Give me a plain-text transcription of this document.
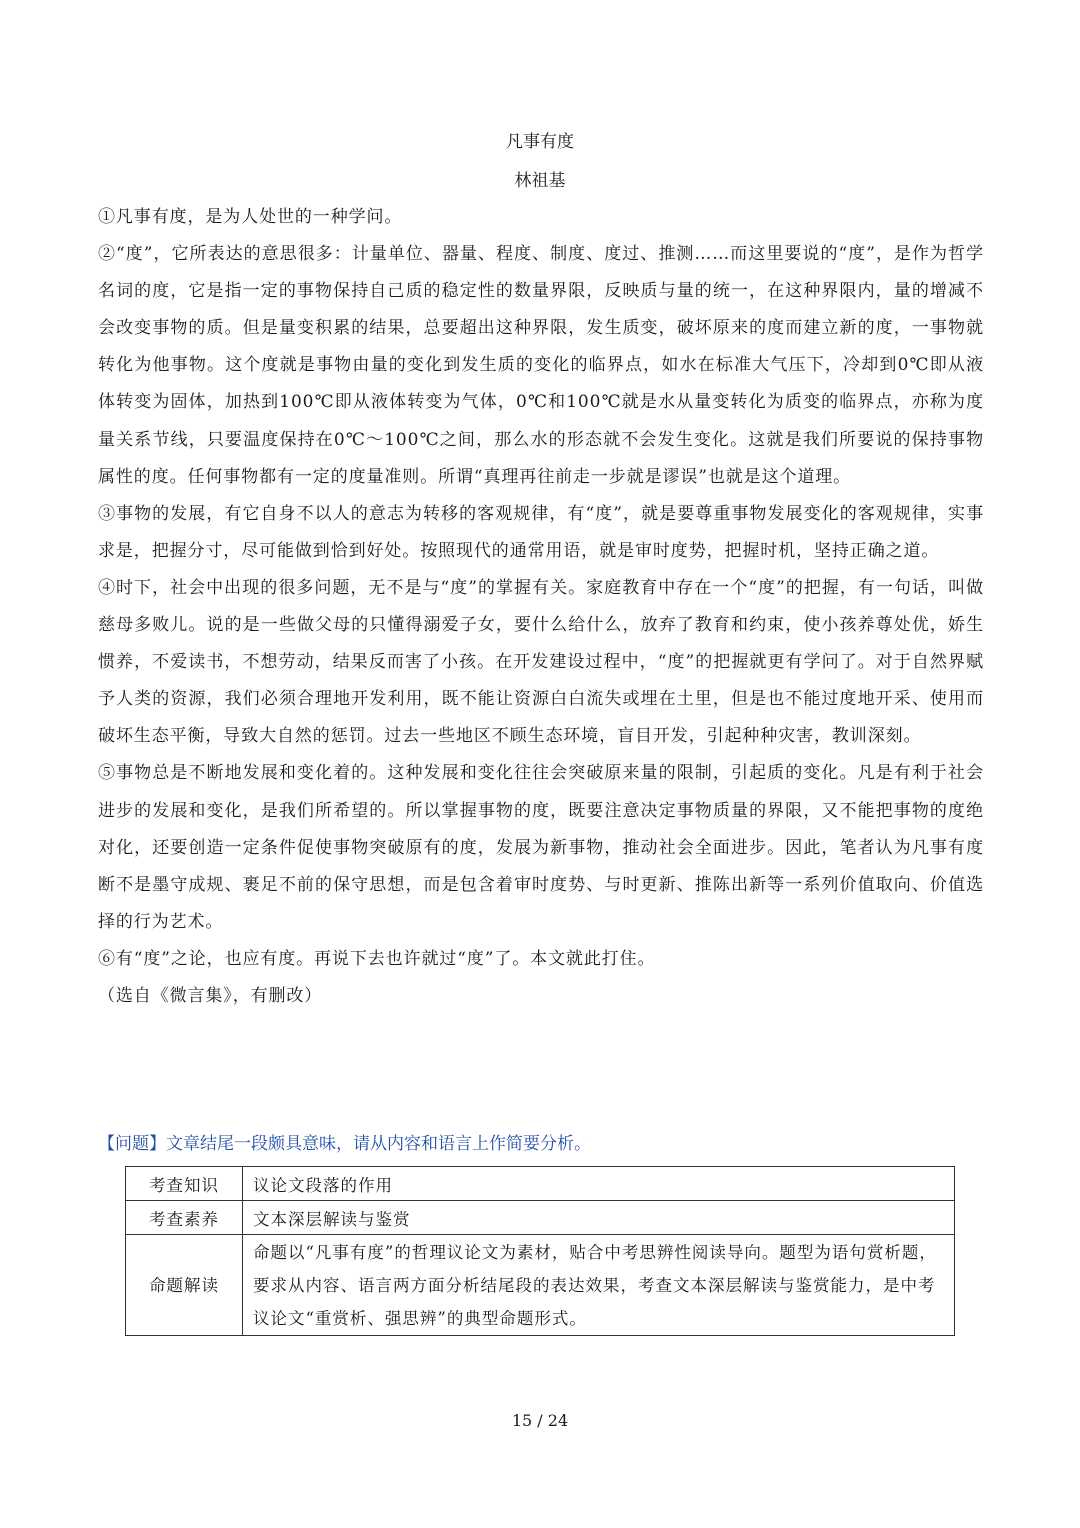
凡事有度
林祖基

①凡事有度，是为人处世的一种学问。

②“度”，它所表达的意思很多：计量单位、器量、程度、制度、度过、推测……而这里要说的“度”，是作为哲学名词的度，它是指一定的事物保持自己质的稳定性的数量界限，反映质与量的统一，在这种界限内，量的增减不会改变事物的质。但是量变积累的结果，总要超出这种界限，发生质变，破坏原来的度而建立新的度，一事物就转化为他事物。这个度就是事物由量的变化到发生质的变化的临界点，如水在标准大气压下，冷却到0℃即从液体转变为固体，加热到100℃即从液体转变为气体，0℃和100℃就是水从量变转化为质变的临界点，亦称为度量关系节线，只要温度保持在0℃～100℃之间，那么水的形态就不会发生变化。这就是我们所要说的保持事物属性的度。任何事物都有一定的度量准则。所谓“真理再往前走一步就是谬误”也就是这个道理。

③事物的发展，有它自身不以人的意志为转移的客观规律，有“度”，就是要尊重事物发展变化的客观规律，实事求是，把握分寸，尽可能做到恰到好处。按照现代的通常用语，就是审时度势，把握时机，坚持正确之道。

④时下，社会中出现的很多问题，无不是与“度”的掌握有关。家庭教育中存在一个“度”的把握，有一句话，叫做慈母多败儿。说的是一些做父母的只懂得溺爱子女，要什么给什么，放弃了教育和约束，使小孩养尊处优，娇生惯养，不爱读书，不想劳动，结果反而害了小孩。在开发建设过程中，“度”的把握就更有学问了。对于自然界赋予人类的资源，我们必须合理地开发利用，既不能让资源白白流失或埋在土里，但是也不能过度地开采、使用而破坏生态平衡，导致大自然的惩罚。过去一些地区不顾生态环境，盲目开发，引起种种灾害，教训深刻。

⑤事物总是不断地发展和变化着的。这种发展和变化往往会突破原来量的限制，引起质的变化。凡是有利于社会进步的发展和变化，是我们所希望的。所以掌握事物的度，既要注意决定事物质量的界限，又不能把事物的度绝对化，还要创造一定条件促使事物突破原有的度，发展为新事物，推动社会全面进步。因此，笔者认为凡事有度断不是墨守成规、裹足不前的保守思想，而是包含着审时度势、与时更新、推陈出新等一系列价值取向、价值选择的行为艺术。

⑥有“度”之论，也应有度。再说下去也许就过“度”了。本文就此打住。

（选自《微言集》，有删改）

【问题】文章结尾一段颇具意味，请从内容和语言上作简要分析。
考查知识	议论文段落的作用
考查素养	文本深层解读与鉴赏
命题解读	命题以“凡事有度”的哲理议论文为素材，贴合中考思辨性阅读导向。题型为语句赏析题，要求从内容、语言两方面分析结尾段的表达效果，考查文本深层解读与鉴赏能力，是中考议论文“重赏析、强思辨”的典型命题形式。
15 / 24
